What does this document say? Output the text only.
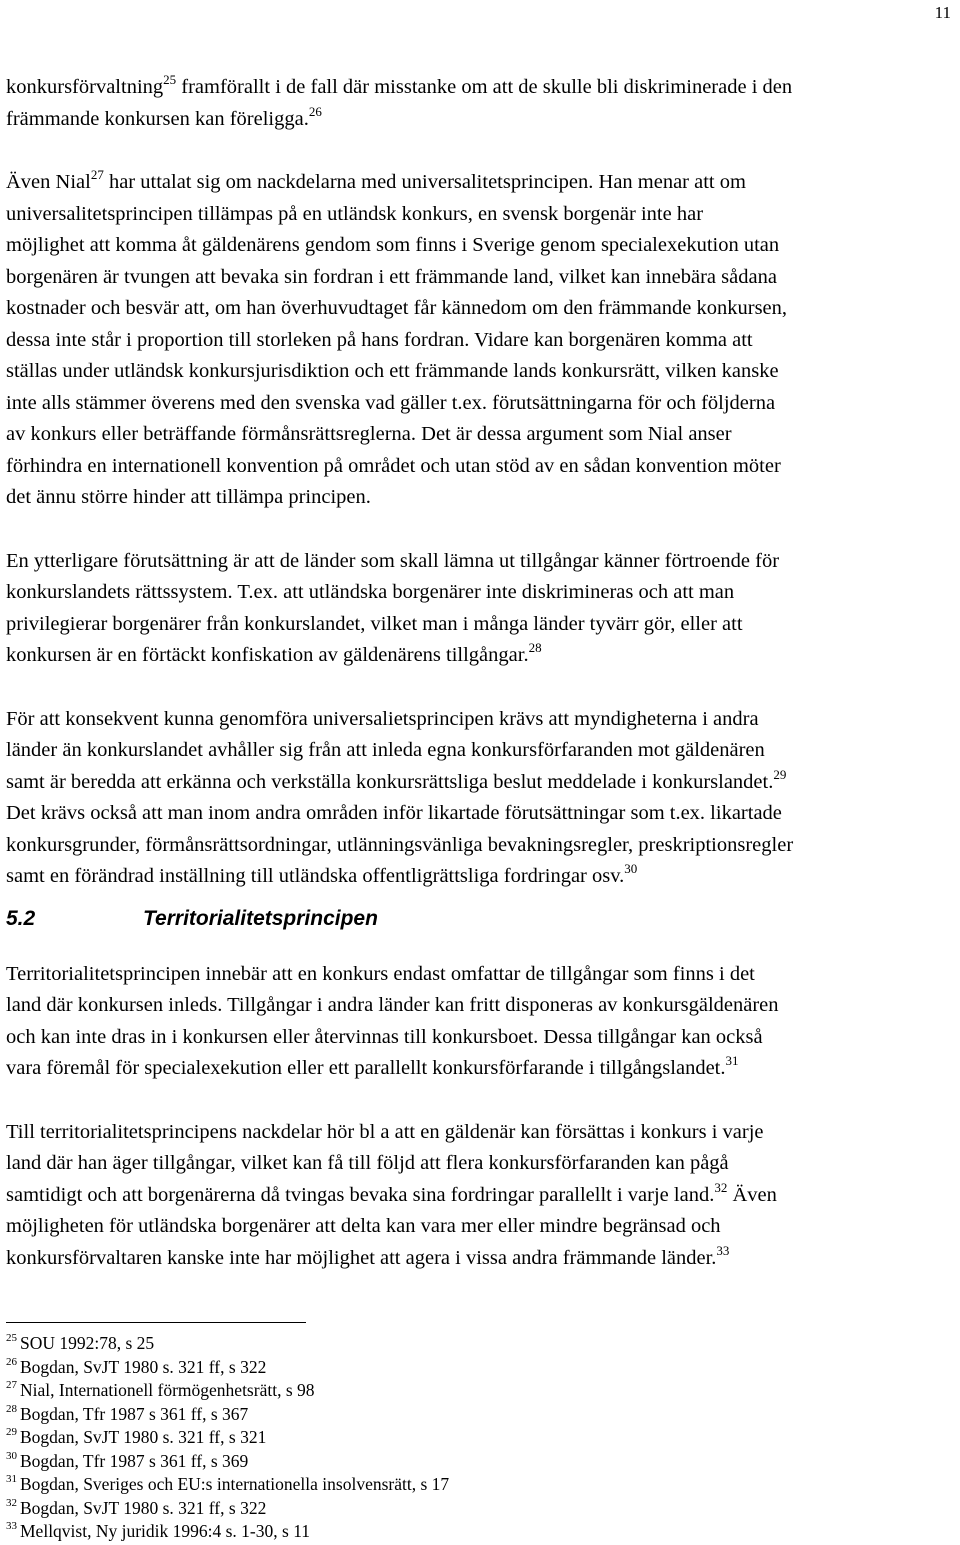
11

konkursförvaltning$^{25}$ framförallt i de fall där misstanke om att de skulle bli diskriminerade i den

främmande konkursen kan föreligga.$^{26}$

Även Nial$^{27}$ har uttalat sig om nackdelarna med universalitetsprincipen. Han menar att om

universalitetsprincipen tillämpas på en utländsk konkurs, en svensk borgenär inte har

möjlighet att komma åt gäldenärens gendom som finns i Sverige genom specialexekution utan

borgenären är tvungen att bevaka sin fordran i ett främmande land, vilket kan innebära sådana

kostnader och besvär att, om han överhuvudtaget får kännedom om den främmande konkursen,

dessa inte står i proportion till storleken på hans fordran. Vidare kan borgenären komma att

ställas under utländsk konkursjurisdiktion och ett främmande lands konkursrätt, vilken kanske

inte alls stämmer överens med den svenska vad gäller t.ex. förutsättningarna för och följderna

av konkurs eller beträffande förmånsrättsreglerna. Det är dessa argument som Nial anser

förhindra en internationell konvention på området och utan stöd av en sådan konvention möter

det ännu större hinder att tillämpa principen.

En ytterligare förutsättning är att de länder som skall lämna ut tillgångar känner förtroende för

konkurslandets rättssystem. T.ex. att utländska borgenärer inte diskrimineras och att man

privilegierar borgenärer från konkurslandet, vilket man i många länder tyvärr gör, eller att

konkursen är en förtäckt konfiskation av gäldenärens tillgångar.$^{28}$

För att konsekvent kunna genomföra universalietsprincipen krävs att myndigheterna i andra

länder än konkurslandet avhåller sig från att inleda egna konkursförfaranden mot gäldenären

samt är beredda att erkänna och verkställa konkursrättsliga beslut meddelade i konkurslandet.$^{29}$

Det krävs också att man inom andra områden inför likartade förutsättningar som t.ex. likartade

konkursgrunder, förmånsrättsordningar, utlänningsvänliga bevakningsregler, preskriptionsregler

samt en förändrad inställning till utländska offentligrättsliga fordringar osv.$^{30}$

5.2	Territorialitetsprincipen

Territorialitetsprincipen innebär att en konkurs endast omfattar de tillgångar som finns i det

land där konkursen inleds. Tillgångar i andra länder kan fritt disponeras av konkursgäldenären

och kan inte dras in i konkursen eller återvinnas till konkursboet. Dessa tillgångar kan också

vara föremål för specialexekution eller ett parallellt konkursförfarande i tillgångslandet.$^{31}$

Till territorialitetsprincipens nackdelar hör bl a att en gäldenär kan försättas i konkurs i varje

land där han äger tillgångar, vilket kan få till följd att flera konkursförfaranden kan pågå

samtidigt och att borgenärerna då tvingas bevaka sina fordringar parallellt i varje land.$^{32}$ Även

möjligheten för utländska borgenärer att delta kan vara mer eller mindre begränsad och

konkursförvaltaren kanske inte har möjlighet att agera i vissa andra främmande länder.$^{33}$

$^{25}$ SOU 1992:78, s 25
$^{26}$ Bogdan, SvJT 1980 s. 321 ff, s 322
$^{27}$ Nial, Internationell förmögenhetsrätt, s 98
$^{28}$ Bogdan, Tfr 1987 s 361 ff, s 367
$^{29}$ Bogdan, SvJT 1980 s. 321 ff, s 321
$^{30}$ Bogdan, Tfr 1987 s 361 ff, s 369
$^{31}$ Bogdan, Sveriges och EU:s internationella insolvensrätt, s 17
$^{32}$ Bogdan, SvJT 1980 s. 321 ff, s 322
$^{33}$ Mellqvist, Ny juridik 1996:4 s. 1-30, s 11
